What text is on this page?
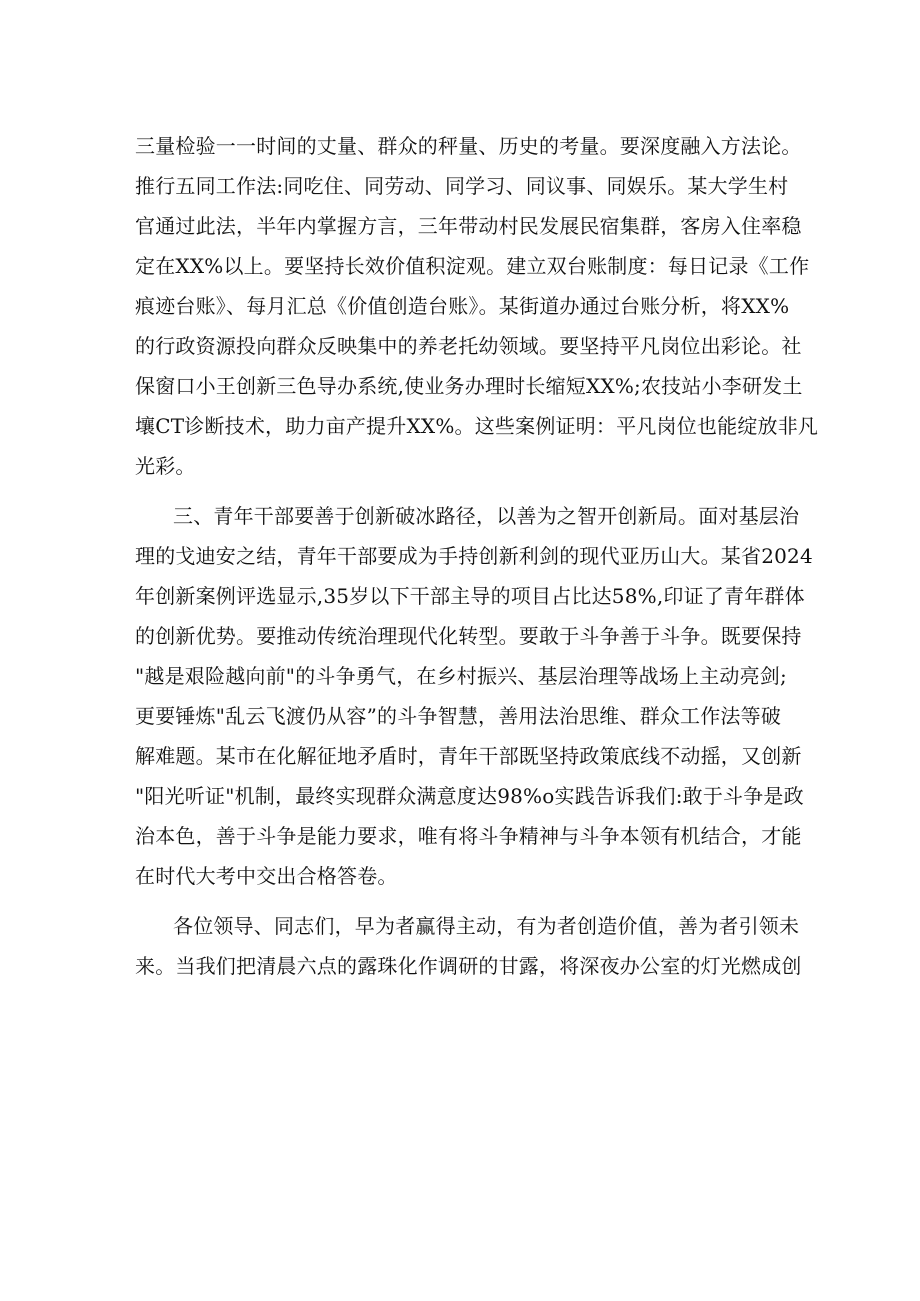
三量检验一一时间的丈量、群众的秤量、历史的考量。要深度融入方法论。
推行五同工作法:同吃住、同劳动、同学习、同议事、同娱乐。某大学生村
官通过此法，半年内掌握方言，三年带动村民发展民宿集群，客房入住率稳
定在XX%以上。要坚持长效价值积淀观。建立双台账制度：每日记录《工作
痕迹台账》、每月汇总《价值创造台账》。某街道办通过台账分析，将XX%
的行政资源投向群众反映集中的养老托幼领域。要坚持平凡岗位出彩论。社
保窗口小王创新三色导办系统,使业务办理时长缩短XX%;农技站小李研发土
壤CT诊断技术，助力亩产提升XX%。这些案例证明：平凡岗位也能绽放非凡
光彩。
三、青年干部要善于创新破冰路径，以善为之智开创新局。面对基层治
理的戈迪安之结，青年干部要成为手持创新利剑的现代亚历山大。某省2024
年创新案例评选显示,35岁以下干部主导的项目占比达58%,印证了青年群体
的创新优势。要推动传统治理现代化转型。要敢于斗争善于斗争。既要保持
"越是艰险越向前"的斗争勇气，在乡村振兴、基层治理等战场上主动亮剑;
更要锤炼"乱云飞渡仍从容”的斗争智慧，善用法治思维、群众工作法等破
解难题。某市在化解征地矛盾时，青年干部既坚持政策底线不动摇，又创新
"阳光听证"机制，最终实现群众满意度达98%o实践告诉我们:敢于斗争是政
治本色，善于斗争是能力要求，唯有将斗争精神与斗争本领有机结合，才能
在时代大考中交出合格答卷。
各位领导、同志们，早为者赢得主动，有为者创造价值，善为者引领未
来。当我们把清晨六点的露珠化作调研的甘露，将深夜办公室的灯光燃成创
